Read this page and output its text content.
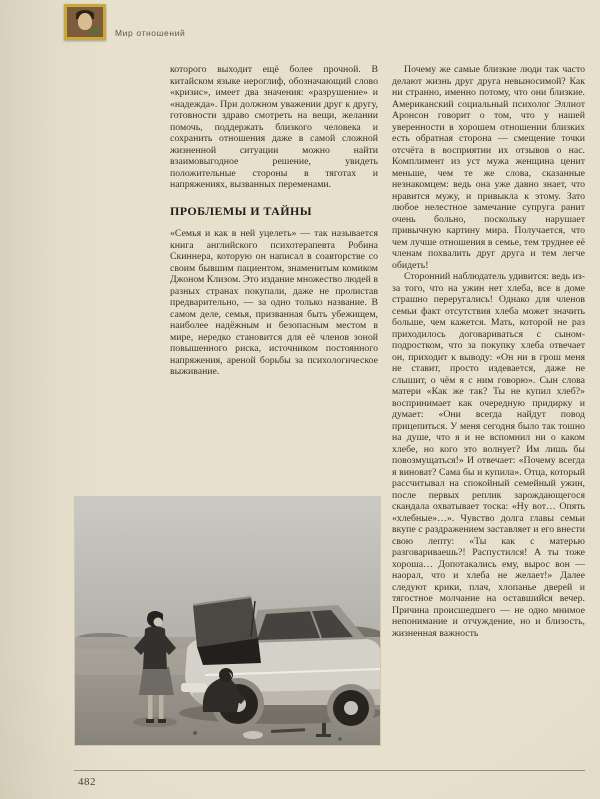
Мир отношений

которого выходит ещё более прочной. В китайском языке иероглиф, обозначающий слово «кризис», имеет два значения: «разрушение» и «надежда». При должном уважении друг к другу, готовности здраво смотреть на вещи, желании помочь, поддержать близкого человека и сохранить отношения даже в самой сложной жизненной ситуации можно найти взаимовыгодное решение, увидеть положительные стороны в тяготах и напряжениях, вызванных переменами.

ПРОБЛЕМЫ И ТАЙНЫ

«Семья и как в ней уцелеть» — так называется книга английского психотерапевта Робина Скиннера, которую он написал в соавторстве со своим бывшим пациентом, знаменитым комиком Джоном Клизом. Это издание множество людей в разных странах покупали, даже не пролистав предварительно, — за одно только название. В самом деле, семья, призванная быть убежищем, наиболее надёжным и безопасным местом в мире, нередко становится для её членов зоной повышенного риска, источником постоянного напряжения, ареной борьбы за психологическое выживание.

Почему же самые близкие люди так часто делают жизнь друг друга невыносимой? Как ни странно, именно потому, что они близкие. Американский социальный психолог Эллиот Аронсон говорит о том, что у нашей уверенности в хорошем отношении близких есть обратная сторона — смещение точки отсчёта в восприятии их отзывов о нас. Комплимент из уст мужа женщина ценит меньше, чем те же слова, сказанные незнакомцем: ведь она уже давно знает, что нравится мужу, и привыкла к этому. Зато любое нелестное замечание супруга ранит очень больно, поскольку нарушает привычную картину мира. Получается, что чем лучше отношения в семье, тем труднее её членам похвалить друг друга и тем легче обидеть!

Сторонний наблюдатель удивится: ведь из-за того, что на ужин нет хлеба, все в доме страшно переругались! Однако для членов семьи факт отсутствия хлеба может значить больше, чем кажется. Мать, которой не раз приходилось договариваться с сыном-подростком, что за покупку хлеба отвечает он, приходит к выводу: «Он ни в грош меня не ставит, просто издевается, даже не слышит, о чём я с ним говорю». Сын слова матери «Как же так? Ты не купил хлеб?» воспринимает как очередную придирку и думает: «Они всегда найдут повод прицепиться. У меня сегодня было так тошно на душе, что я и не вспомнил ни о каком хлебе, но кого это волнует? Им лишь бы повозмущаться!» И отвечает: «Почему всегда я виноват? Сама бы и купила». Отца, который рассчитывал на спокойный семейный ужин, после первых реплик зарождающегося скандала охватывает тоска: «Ну вот… Опять «хлебные»…». Чувство долга главы семьи вкупе с раздражением заставляет и его внести свою лепту: «Ты как с матерью разговариваешь?! Распустился! А ты тоже хороша… Допотакались ему, вырос вон — наорал, что и хлеба не желает!» Далее следуют крики, плач, хлопанье дверей и тягостное молчание на оставшийся вечер. Причина происшедшего — не одно мнимое непонимание и отчуждение, но и близость, жизненная важность

482
